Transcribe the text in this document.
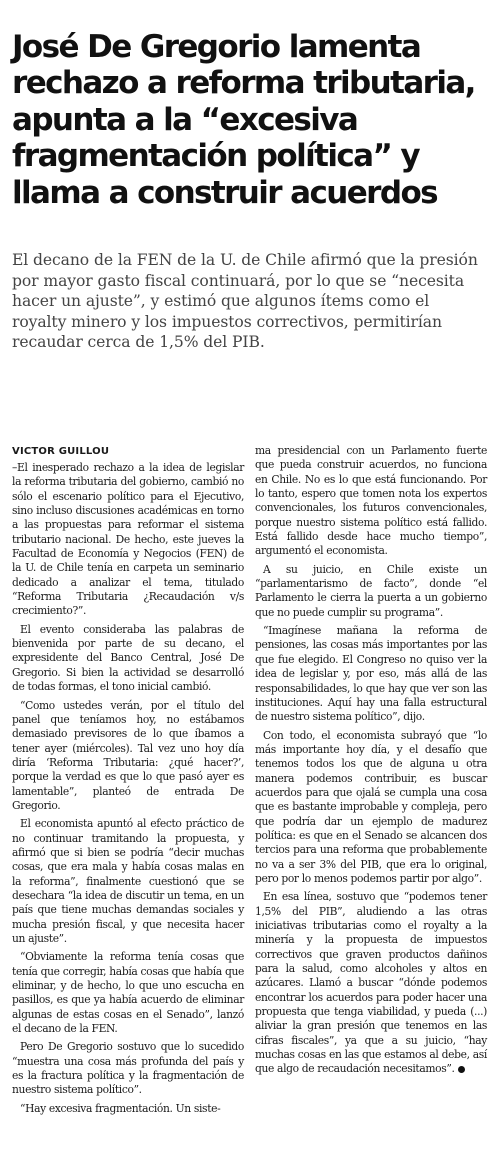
José De Gregorio lamenta rechazo a reforma tributaria, apunta a la “excesiva fragmentación política” y llama a construir acuerdos
El decano de la FEN de la U. de Chile afirmó que la presión por mayor gasto fiscal continuará, por lo que se “necesita hacer un ajuste”, y estimó que algunos ítems como el royalty minero y los impuestos correctivos, permitirían recaudar cerca de 1,5% del PIB.
VICTOR GUILLOU

–El inesperado rechazo a la idea de legislar la reforma tributaria del gobierno, cambió no sólo el escenario político para el Ejecutivo, sino incluso discusiones académicas en torno a las propuestas para reformar el sistema tributario nacional. De hecho, este jueves la Facultad de Economía y Negocios (FEN) de la U. de Chile tenía en carpeta un seminario dedicado a analizar el tema, titulado “Reforma Tributaria ¿Recaudación v/s crecimiento?”.

El evento consideraba las palabras de bienvenida por parte de su decano, el expresidente del Banco Central, José De Gregorio. Si bien la actividad se desarrolló de todas formas, el tono inicial cambió.

“Como ustedes verán, por el título del panel que teníamos hoy, no estábamos demasiado previsores de lo que íbamos a tener ayer (miércoles). Tal vez uno hoy día diría ‘Reforma Tributaria: ¿qué hacer?’, porque la verdad es que lo que pasó ayer es lamentable”, planteó de entrada De Gregorio.

El economista apuntó al efecto práctico de no continuar tramitando la propuesta, y afirmó que si bien se podría “decir muchas cosas, que era mala y había cosas malas en la reforma”, finalmente cuestionó que se desechara “la idea de discutir un tema, en un país que tiene muchas demandas sociales y mucha presión fiscal, y que necesita hacer un ajuste”.

“Obviamente la reforma tenía cosas que tenía que corregir, había cosas que había que eliminar, y de hecho, lo que uno escucha en pasillos, es que ya había acuerdo de eliminar algunas de estas cosas en el Senado”, lanzó el decano de la FEN.

Pero De Gregorio sostuvo que lo sucedido “muestra una cosa más profunda del país y es la fractura política y la fragmentación de nuestro sistema político”.

“Hay excesiva fragmentación. Un siste-

ma presidencial con un Parlamento fuerte que pueda construir acuerdos, no funciona en Chile. No es lo que está funcionando. Por lo tanto, espero que tomen nota los expertos convencionales, los futuros convencionales, porque nuestro sistema político está fallido. Está fallido desde hace mucho tiempo”, argumentó el economista.

A su juicio, en Chile existe un “parlamentarismo de facto”, donde “el Parlamento le cierra la puerta a un gobierno que no puede cumplir su programa”.

“Imagínese mañana la reforma de pensiones, las cosas más importantes por las que fue elegido. El Congreso no quiso ver la idea de legislar y, por eso, más allá de las responsabilidades, lo que hay que ver son las instituciones. Aquí hay una falla estructural de nuestro sistema político”, dijo.

Con todo, el economista subrayó que “lo más importante hoy día, y el desafío que tenemos todos los que de alguna u otra manera podemos contribuir, es buscar acuerdos para que ojalá se cumpla una cosa que es bastante improbable y compleja, pero que podría dar un ejemplo de madurez política: es que en el Senado se alcancen dos tercios para una reforma que probablemente no va a ser 3% del PIB, que era lo original, pero por lo menos podemos partir por algo”.

En esa línea, sostuvo que “podemos tener 1,5% del PIB”, aludiendo a las otras iniciativas tributarias como el royalty a la minería y la propuesta de impuestos correctivos que graven productos dañinos para la salud, como alcoholes y altos en azúcares. Llamó a buscar “dónde podemos encontrar los acuerdos para poder hacer una propuesta que tenga viabilidad, y pueda (...) aliviar la gran presión que tenemos en las cifras fiscales”, ya que a su juicio, “hay muchas cosas en las que estamos al debe, así que algo de recaudación necesitamos”.
